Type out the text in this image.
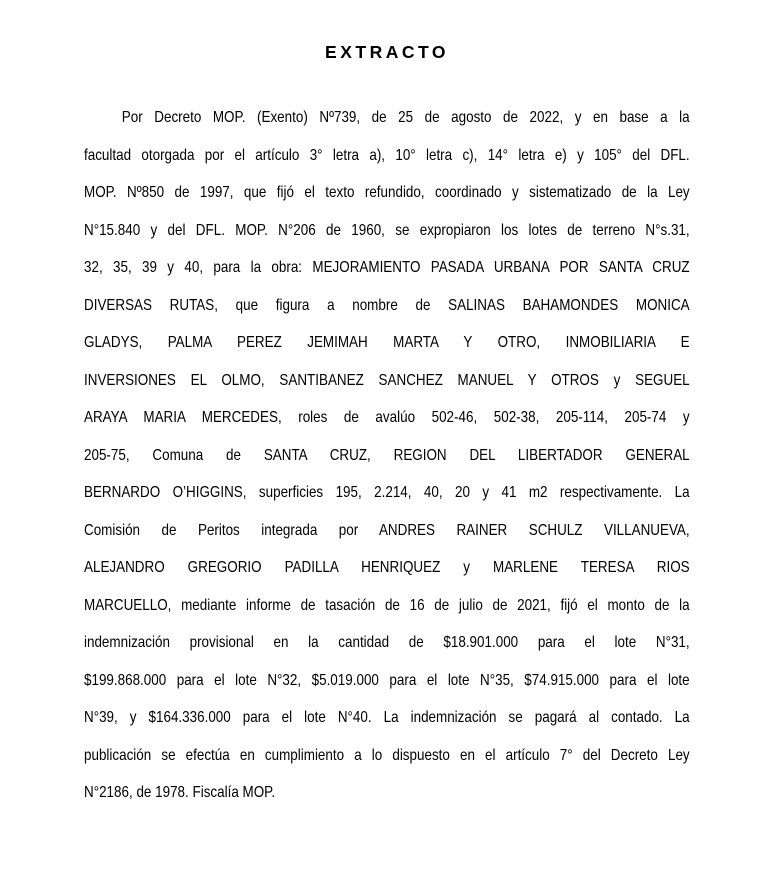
EXTRACTO
Por Decreto MOP. (Exento) Nº739, de 25 de agosto de 2022, y en base a la
facultad otorgada por el artículo 3° letra a), 10° letra c), 14° letra e) y 105° del DFL.
MOP. Nº850 de 1997, que fijó el texto refundido, coordinado y sistematizado de la Ley
N°15.840 y del DFL. MOP. N°206 de 1960, se expropiaron los lotes de terreno N°s.31,
32, 35, 39 y 40, para la obra: MEJORAMIENTO PASADA URBANA POR SANTA CRUZ
DIVERSAS RUTAS, que figura a nombre de SALINAS BAHAMONDES MONICA
GLADYS, PALMA PEREZ JEMIMAH MARTA Y OTRO, INMOBILIARIA E
INVERSIONES EL OLMO, SANTIBANEZ SANCHEZ MANUEL Y OTROS y SEGUEL
ARAYA MARIA MERCEDES, roles de avalúo 502-46, 502-38, 205-114, 205-74 y
205-75, Comuna de SANTA CRUZ, REGION DEL LIBERTADOR GENERAL
BERNARDO O’HIGGINS, superficies 195, 2.214, 40, 20 y 41 m2 respectivamente. La
Comisión de Peritos integrada por ANDRES RAINER SCHULZ VILLANUEVA,
ALEJANDRO GREGORIO PADILLA HENRIQUEZ y MARLENE TERESA RIOS
MARCUELLO, mediante informe de tasación de 16 de julio de 2021, fijó el monto de la
indemnización provisional en la cantidad de $18.901.000 para el lote N°31,
$199.868.000 para el lote N°32, $5.019.000 para el lote N°35, $74.915.000 para el lote
N°39, y $164.336.000 para el lote N°40. La indemnización se pagará al contado. La
publicación se efectúa en cumplimiento a lo dispuesto en el artículo 7° del Decreto Ley
N°2186, de 1978. Fiscalía MOP.
